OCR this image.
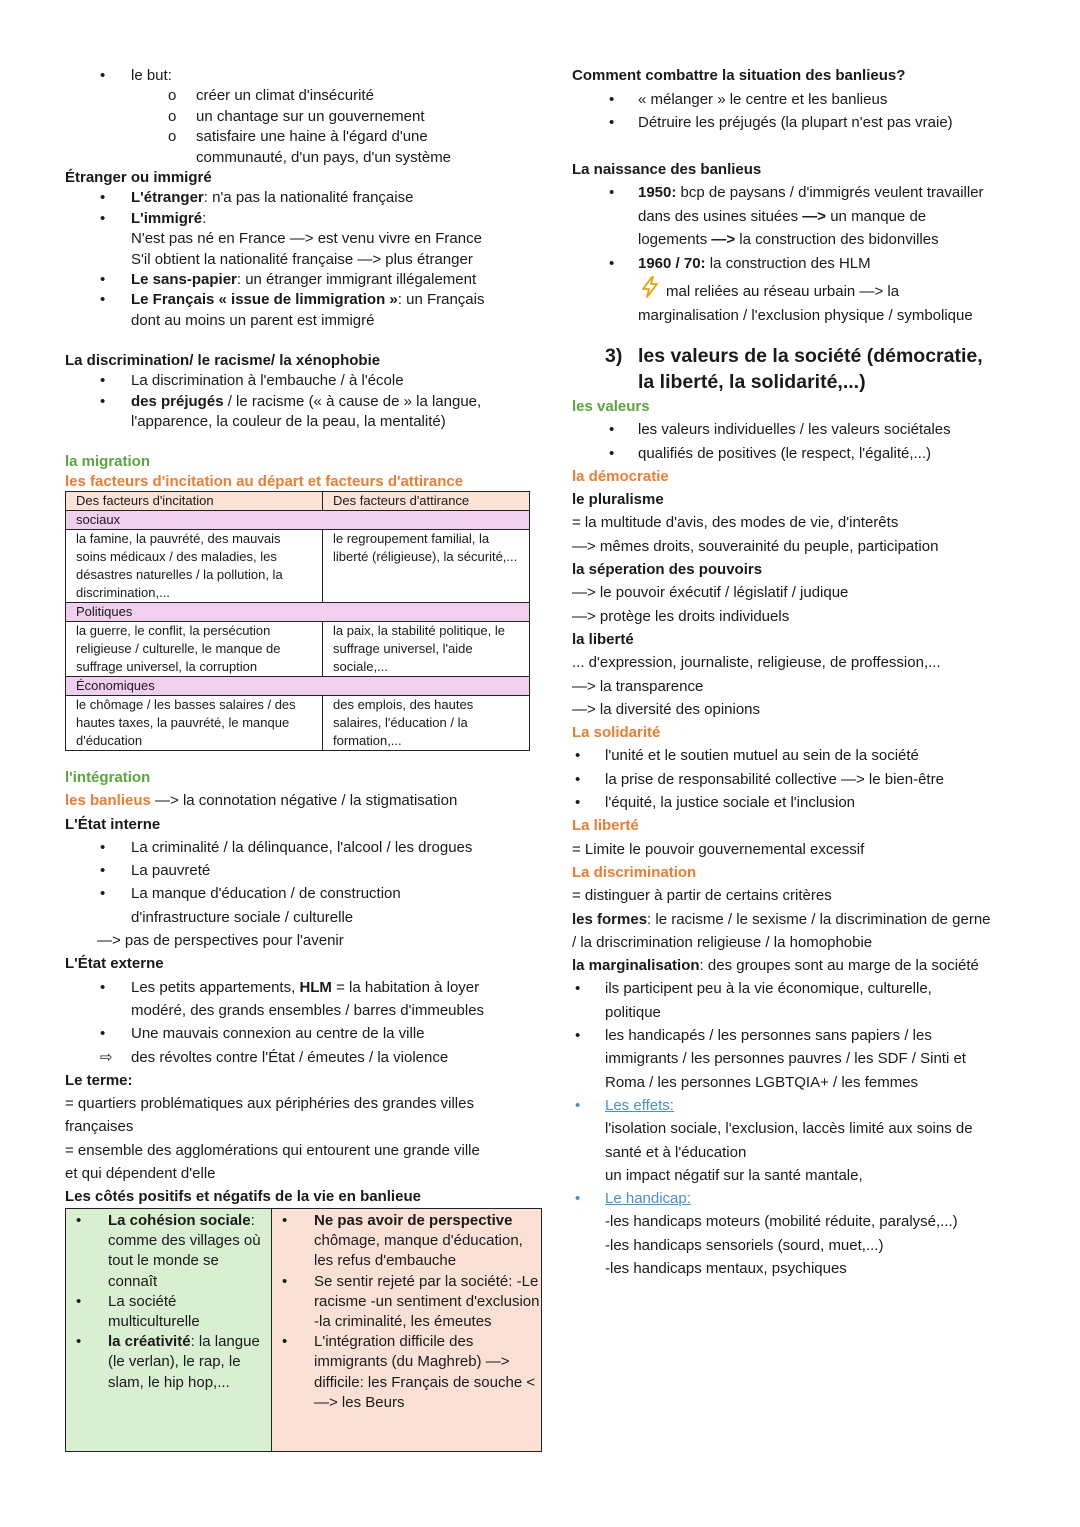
• le but:
o créer un climat d'insécurité
o un chantage sur un gouvernement
o satisfaire une haine à l'égard d'une
communauté, d'un pays, d'un système
Étranger ou immigré
• L'étranger: n'a pas la nationalité française
• L'immigré:
N'est pas né en France —> est venu vivre en France
S'il obtient la nationalité française —> plus étranger
• Le sans-papier: un étranger immigrant illégalement
• Le Français « issue de limmigration »: un Français
dont au moins un parent est immigré
La discrimination/ le racisme/ la xénophobie
• La discrimination à l'embauche / à l'école
• des préjugés / le racisme (« à cause de » la langue,
l'apparence, la couleur de la peau, la mentalité)
la migration
les facteurs d'incitation au départ et facteurs d'attirance
Des facteurs d'incitation	Des facteurs d'attirance
sociaux	
la famine, la pauvrété, des mauvais soins médicaux / des maladies, les désastres naturelles / la pollution, la discrimination,...	le regroupement familial, la liberté (réligieuse), la sécurité,...
Politiques	
la guerre, le conflit, la persécution religieuse / culturelle, le manque de suffrage universel, la corruption	la paix, la stabilité politique, le suffrage universel, l'aide sociale,...
Économiques	
le chômage / les basses salaires / des hautes taxes, la pauvrété, le manque d'éducation	des emplois, des hautes salaires, l'éducation / la formation,...
l'intégration
les banlieus —> la connotation négative / la stigmatisation
L'État interne
• La criminalité / la délinquance, l'alcool / les drogues
• La pauvreté
• La manque d'éducation / de construction
d'infrastructure sociale / culturelle
—> pas de perspectives pour l'avenir
L'État externe
• Les petits appartements, HLM = la habitation à loyer
modéré, des grands ensembles / barres d'immeubles
• Une mauvais connexion au centre de la ville
⇨ des révoltes contre l'État / émeutes / la violence
Le terme:
= quartiers problématiques aux périphéries des grandes villes
françaises
= ensemble des agglomérations qui entourent une grande ville
et qui dépendent d'elle
Les côtés positifs et négatifs de la vie en banlieue
• La cohésion sociale: comme des villages où tout le monde se connaît
• La société multiculturelle
• la créativité: la langue (le verlan), le rap, le slam, le hip hop,...

• Ne pas avoir de perspective chômage, manque d'éducation, les refus d'embauche
• Se sentir rejeté par la société: -Le racisme -un sentiment d'exclusion -la criminalité, les émeutes
• L'intégration difficile des immigrants (du Maghreb) —> difficile: les Français de souche <—> les Beurs
Comment combattre la situation des banlieus?
• « mélanger » le centre et les banlieus
• Détruire les préjugés (la plupart n'est pas vraie)
La naissance des banlieus
• 1950: bcp de paysans / d'immigrés veulent travailler
dans des usines situées —> un manque de
logements —> la construction des bidonvilles
• 1960 / 70: la construction des HLM
mal reliées au réseau urbain —> la
marginalisation / l'exclusion physique / symbolique
3) les valeurs de la société (démocratie,
la liberté, la solidarité,...)
les valeurs
• les valeurs individuelles / les valeurs sociétales
• qualifiés de positives (le respect, l'égalité,...)
la démocratie
le pluralisme
= la multitude d'avis, des modes de vie, d'interêts
—> mêmes droits, souverainité du peuple, participation
la séperation des pouvoirs
—> le pouvoir éxécutif / législatif / judique
—> protège les droits individuels
la liberté
... d'expression, journaliste, religieuse, de proffession,...
—> la transparence
—> la diversité des opinions
La solidarité
• l'unité et le soutien mutuel au sein de la société
• la prise de responsabilité collective —> le bien-être
• l'équité, la justice sociale et l'inclusion
La liberté
= Limite le pouvoir gouvernemental excessif
La discrimination
= distinguer à partir de certains critères
les formes: le racisme / le sexisme / la discrimination de gerne
/ la driscrimination religieuse / la homophobie
la marginalisation: des groupes sont au marge de la société
• ils participent peu à la vie économique, culturelle,
politique
• les handicapés / les personnes sans papiers / les
immigrants / les personnes pauvres / les SDF / Sinti et
Roma / les personnes LGBTQIA+ / les femmes
• Les effets:
l'isolation sociale, l'exclusion, laccès limité aux soins de
santé et à l'éducation
un impact négatif sur la santé mantale,
• Le handicap:
-les handicaps moteurs (mobilité réduite, paralysé,...)
-les handicaps sensoriels (sourd, muet,...)
-les handicaps mentaux, psychiques
